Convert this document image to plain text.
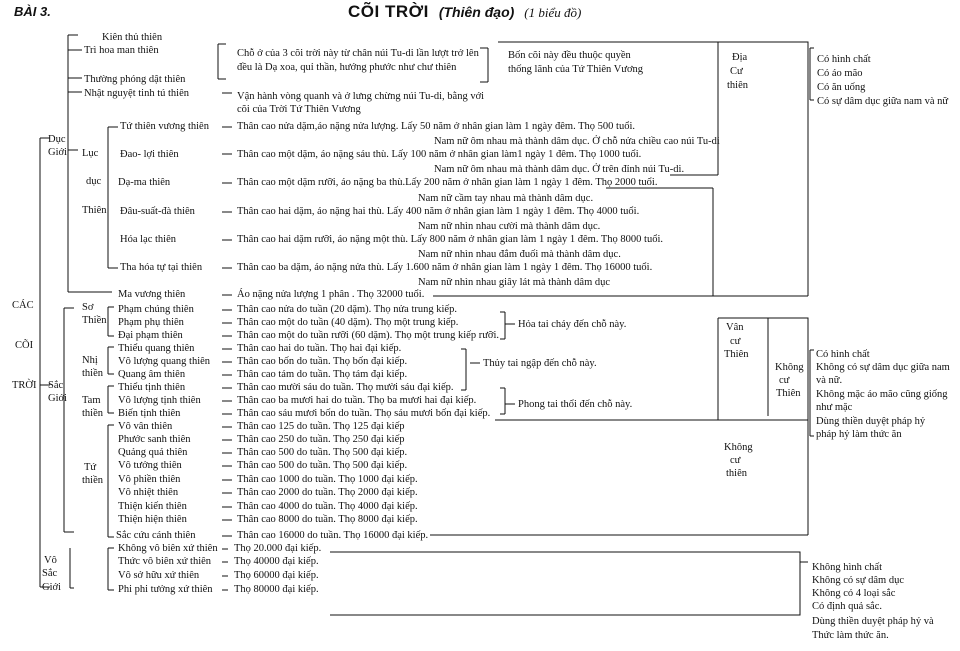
BÀI 3.	CÕI TRỜI (Thiên đạo) (1 biểu đồ)
CÁC
CÕI
TRỜI
Dục
Giới
Sắc
Giới
Vô
Sắc
Giới
Lục
dục
Thiên
Kiên thủ thiên
Trì hoa man thiên
Thường phóng dật thiên
Nhật nguyệt tinh tú thiên
Chỗ ở của 3 cõi trời này từ chân núi Tu-di lần lượt trở lên
đều là Dạ xoa, quỉ thần, hướng phước như chư thiên
Vận hành vòng quanh và ở lưng chừng núi Tu-di, bằng với
cõi của Trời Tứ Thiên Vương
Bốn cõi này đều thuộc quyền
thống lãnh của Tứ Thiên Vương
Tứ thiên vương thiên	Thân cao nửa dặm,áo nặng nửa lượng. Lấy 50 năm ở nhân gian làm 1 ngày đêm. Thọ 500 tuổi.
Nam nữ ôm nhau mà thành dâm dục. Ở chỗ nửa chiều cao núi Tu-di
Đao- lợi thiên	Thân cao một dặm, áo nặng sáu thù. Lấy 100 năm ở nhân gian làm1 ngày 1 đêm. Thọ 1000 tuổi.
Nam nữ ôm nhau mà thành dâm dục. Ở trên đỉnh núi Tu-di.
Dạ-ma thiên	Thân cao một dặm rưỡi, áo nặng ba thù.Lấy 200 năm ở nhân gian làm 1 ngày 1 đêm. Thọ 2000 tuổi.
Nam nữ cầm tay nhau mà thành dâm dục.
Đâu-suất-đà thiên	Thân cao hai dặm, áo nặng hai thù. Lấy 400 năm ở nhân gian làm 1 ngày 1 đêm. Thọ 4000 tuổi.
Nam nữ nhìn nhau cười mà thành dâm dục.
Hóa lạc thiên	Thân cao hai dặm rưỡi, áo nặng một thù. Lấy 800 năm ở nhân gian làm 1 ngày 1 đêm. Thọ 8000 tuổi.
Nam nữ nhìn nhau đắm đuối mà thành dâm dục.
Tha hóa tự tại thiên	Thân cao ba dặm, áo nặng nửa thù. Lấy 1.600 năm ở nhân gian làm 1 ngày 1 đêm. Thọ 16000 tuổi.
Nam nữ nhìn nhau giây lát mà thành dâm dục
Ma vương thiên	Áo nặng nửa lượng 1 phân . Thọ 32000 tuổi.
Sơ
Thiền
Nhị
thiền
Tam
thiền
Tứ
thiền
Phạm chúng thiên	Thân cao nửa do tuần (20 dặm). Thọ nửa trung kiếp.
Phạm phụ thiên	Thân cao một do tuần (40 dặm). Thọ một trung kiếp.
Đại phạm thiên	Thân cao một do tuần rưỡi (60 dặm). Thọ một trung kiếp rưỡi.
Thiểu quang thiên	Thân cao hai do tuần. Thọ hai đại kiếp.
Vô lượng quang thiên	Thân cao bốn do tuần. Thọ bốn đại kiếp.
Quang âm thiên	Thân cao tám do tuần. Thọ tám đại kiếp.
Thiểu tịnh thiên	Thân cao mười sáu do tuần. Thọ mười sáu đại kiếp.
Vô lượng tịnh thiên	Thân cao ba mươi hai do tuần. Thọ ba mươi hai đại kiếp.
Biến tịnh thiên	Thân cao sáu mươi bốn do tuần. Thọ sáu mươi bốn đại kiếp.
Vô vân thiên	Thân cao 125 do tuần. Thọ 125 đại kiếp
Phước sanh thiên	Thân cao 250 do tuần. Thọ 250 đại kiếp
Quảng quả thiên	Thân cao 500 do tuần. Thọ 500 đại kiếp.
Vô tưởng thiên	Thân cao 500 do tuần. Thọ 500 đại kiếp.
Vô phiền thiên	Thân cao 1000 do tuần. Thọ 1000 đại kiếp.
Vô nhiệt thiên	Thân cao 2000 do tuần. Thọ 2000 đại kiếp.
Thiện kiến thiên	Thân cao 4000 do tuần. Thọ 4000 đại kiếp.
Thiện hiện thiên	Thân cao 8000 do tuần. Thọ 8000 đại kiếp.
Sắc cứu cánh thiên	Thân cao 16000 do tuần. Thọ 16000 đại kiếp.
Hỏa tai cháy đến chỗ này.
Thủy tai ngập đến chỗ này.
Phong tai thổi đến chỗ này.
Không vô biên xứ thiên Thọ 20.000 đại kiếp.
Thức vô biên xứ thiên Thọ 40000 đại kiếp.
Vô sở hữu xứ thiên	Thọ 60000 đại kiếp.
Phi phi tưởng xứ thiên Thọ 80000 đại kiếp.
Địa
Cư
thiên
Vân
cư
Thiên
Không
cư
Thiên
Không
cư
thiên
Có hình chất
Có áo mão
Có ăn uống
Có sự dâm dục giữa nam và nữ
Có hình chất
Không có sự dâm dục giữa nam
và nữ.
Không mặc áo mão cũng giống
như mặc
Dùng thiền duyệt pháp hỷ
pháp hỷ làm thức ăn
Không hình chất
Không có sự dâm dục
Không có 4 loại sắc
Có định quả sắc.
Dùng thiền duyệt pháp hỷ và
Thức làm thức ăn.
